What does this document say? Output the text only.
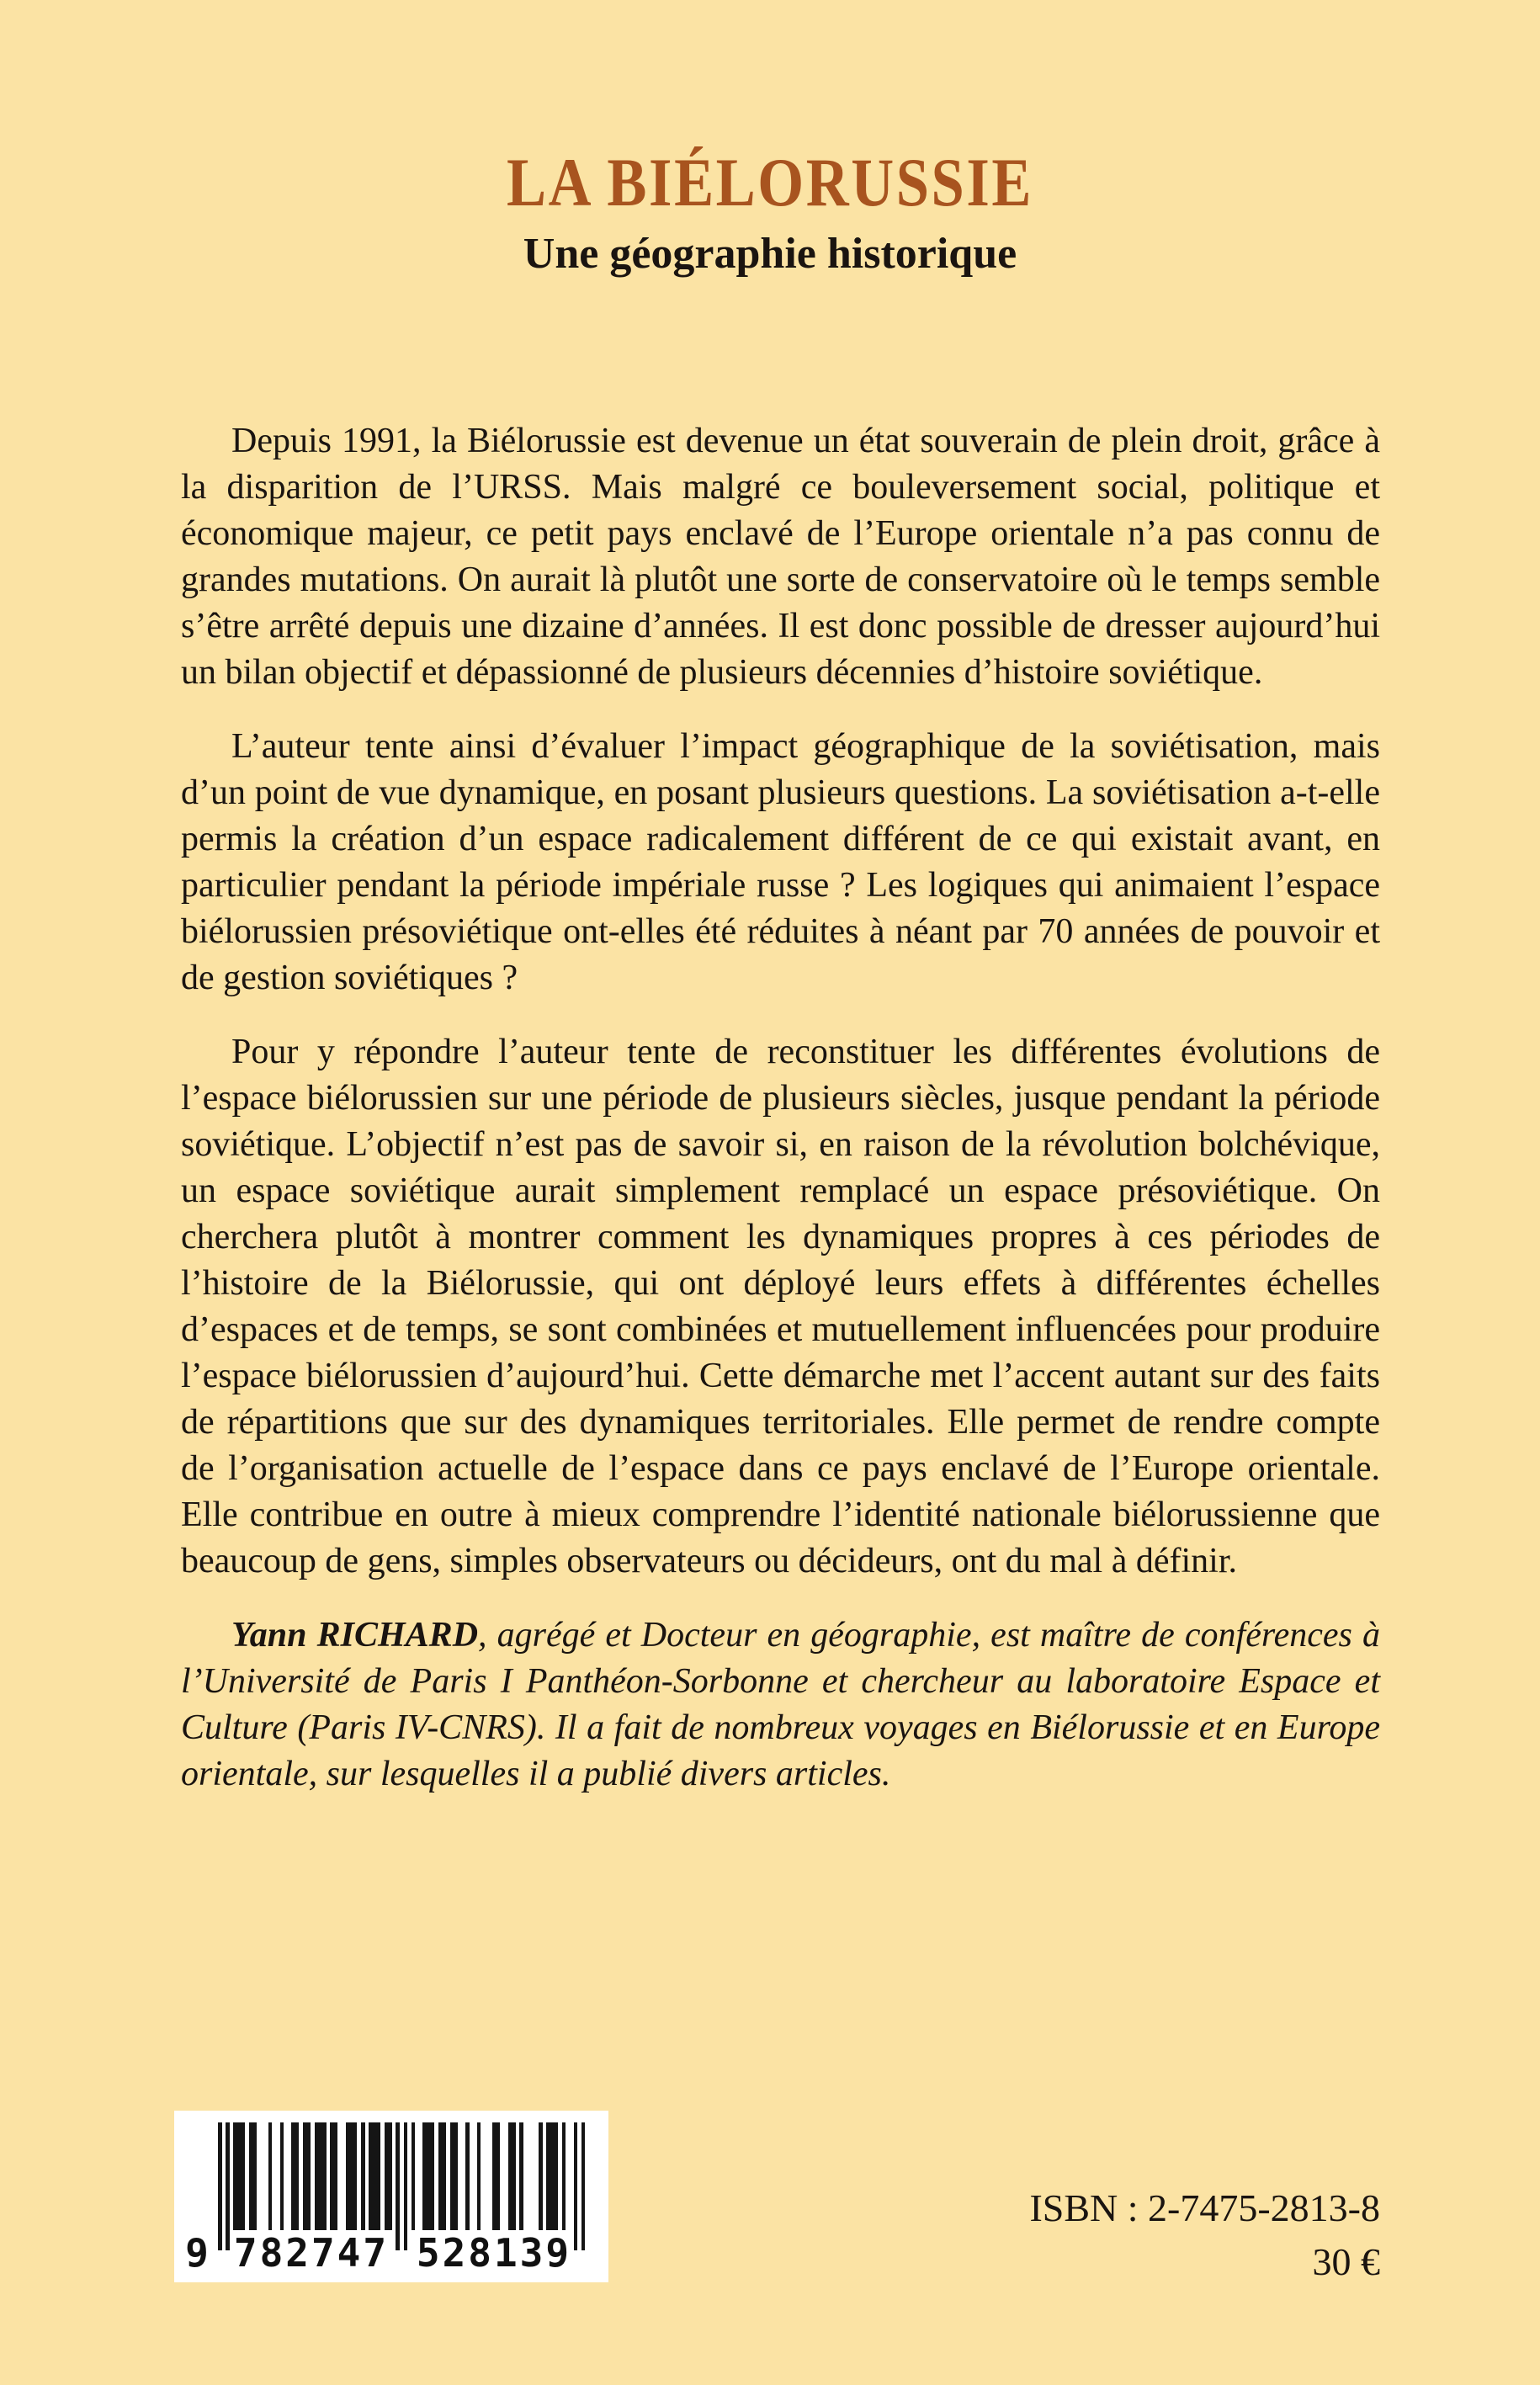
LA BIÉLORUSSIE
Une géographie historique

Depuis 1991, la Biélorussie est devenue un état souverain de plein droit, grâce à la disparition de l’URSS. Mais malgré ce bouleversement social, politique et économique majeur, ce petit pays enclavé de l’Europe orientale n’a pas connu de grandes mutations. On aurait là plutôt une sorte de conservatoire où le temps semble s’être arrêté depuis une dizaine d’années. Il est donc possible de dresser aujourd’hui un bilan objectif et dépassionné de plusieurs décennies d’histoire soviétique.

L’auteur tente ainsi d’évaluer l’impact géographique de la soviétisation, mais d’un point de vue dynamique, en posant plusieurs questions. La soviétisation a-t-elle permis la création d’un espace radicalement différent de ce qui existait avant, en particulier pendant la période impériale russe ? Les logiques qui animaient l’espace biélorussien présoviétique ont-elles été réduites à néant par 70 années de pouvoir et de gestion soviétiques ?

Pour y répondre l’auteur tente de reconstituer les différentes évolutions de l’espace biélorussien sur une période de plusieurs siècles, jusque pendant la période soviétique. L’objectif n’est pas de savoir si, en raison de la révolution bolchévique, un espace soviétique aurait simplement remplacé un espace présoviétique. On cherchera plutôt à montrer comment les dynamiques propres à ces périodes de l’histoire de la Biélorussie, qui ont déployé leurs effets à différentes échelles d’espaces et de temps, se sont combinées et mutuellement influencées pour produire l’espace biélorussien d’aujourd’hui. Cette démarche met l’accent autant sur des faits de répartitions que sur des dynamiques territoriales. Elle permet de rendre compte de l’organisation actuelle de l’espace dans ce pays enclavé de l’Europe orientale. Elle contribue en outre à mieux comprendre l’identité nationale biélorussienne que beaucoup de gens, simples observateurs ou décideurs, ont du mal à définir.

Yann RICHARD, agrégé et Docteur en géographie, est maître de conférences à l’Université de Paris I Panthéon-Sorbonne et chercheur au laboratoire Espace et Culture (Paris IV-CNRS). Il a fait de nombreux voyages en Biélorussie et en Europe orientale, sur lesquelles il a publié divers articles.

9 782747 528139
ISBN : 2-7475-2813-8
30 €
